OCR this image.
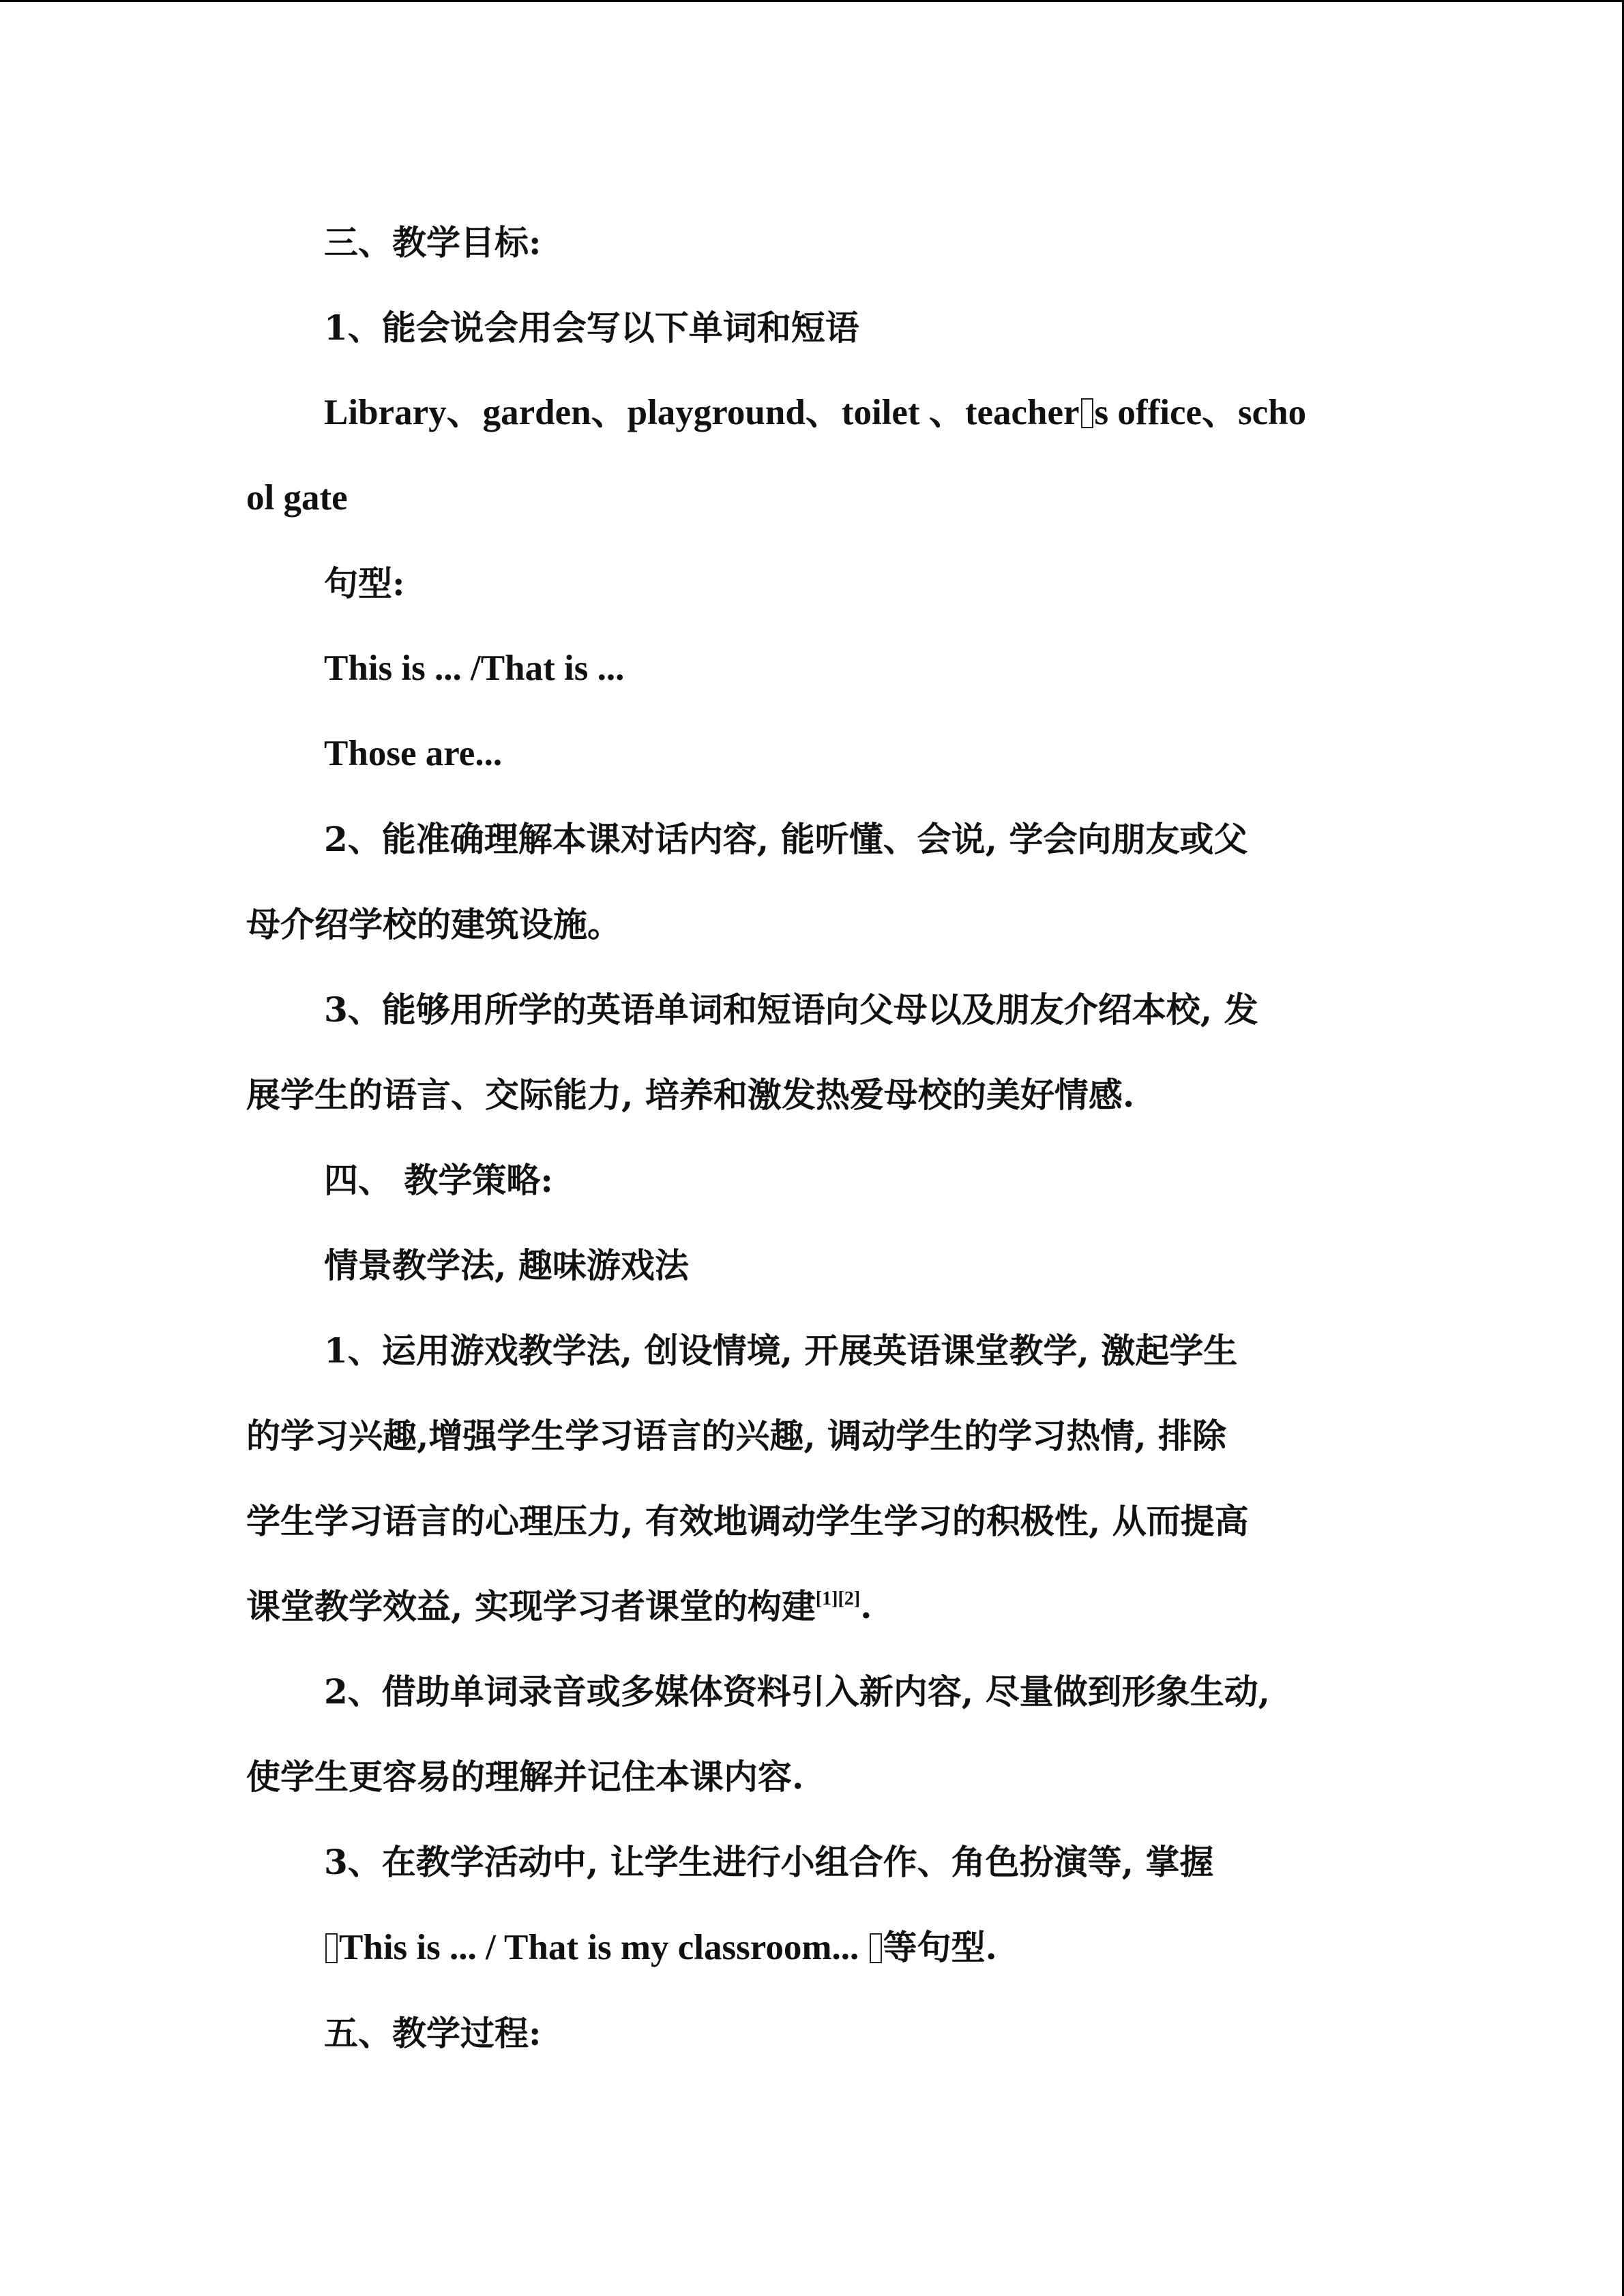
三、教学目标:

1、能会说会用会写以下单词和短语

Library、garden、playground、toilet 、teacher s office、scho

ol gate

句型:

This is ... /That is ...

Those are...

2、能准确理解本课对话内容, 能听懂、会说, 学会向朋友或父

母介绍学校的建筑设施。

3、能够用所学的英语单词和短语向父母以及朋友介绍本校, 发

展学生的语言、交际能力, 培养和激发热爱母校的美好情感.

四、 教学策略:

情景教学法, 趣味游戏法

1、运用游戏教学法, 创设情境, 开展英语课堂教学, 激起学生

的学习兴趣,增强学生学习语言的兴趣, 调动学生的学习热情, 排除

学生学习语言的心理压力, 有效地调动学生学习的积极性, 从而提高

课堂教学效益, 实现学习者课堂的构建[1][2].

2、借助单词录音或多媒体资料引入新内容, 尽量做到形象生动,

使学生更容易的理解并记住本课内容.

3、在教学活动中, 让学生进行小组合作、角色扮演等, 掌握

This is ... / That is my classroom... 等句型.

五、教学过程:
